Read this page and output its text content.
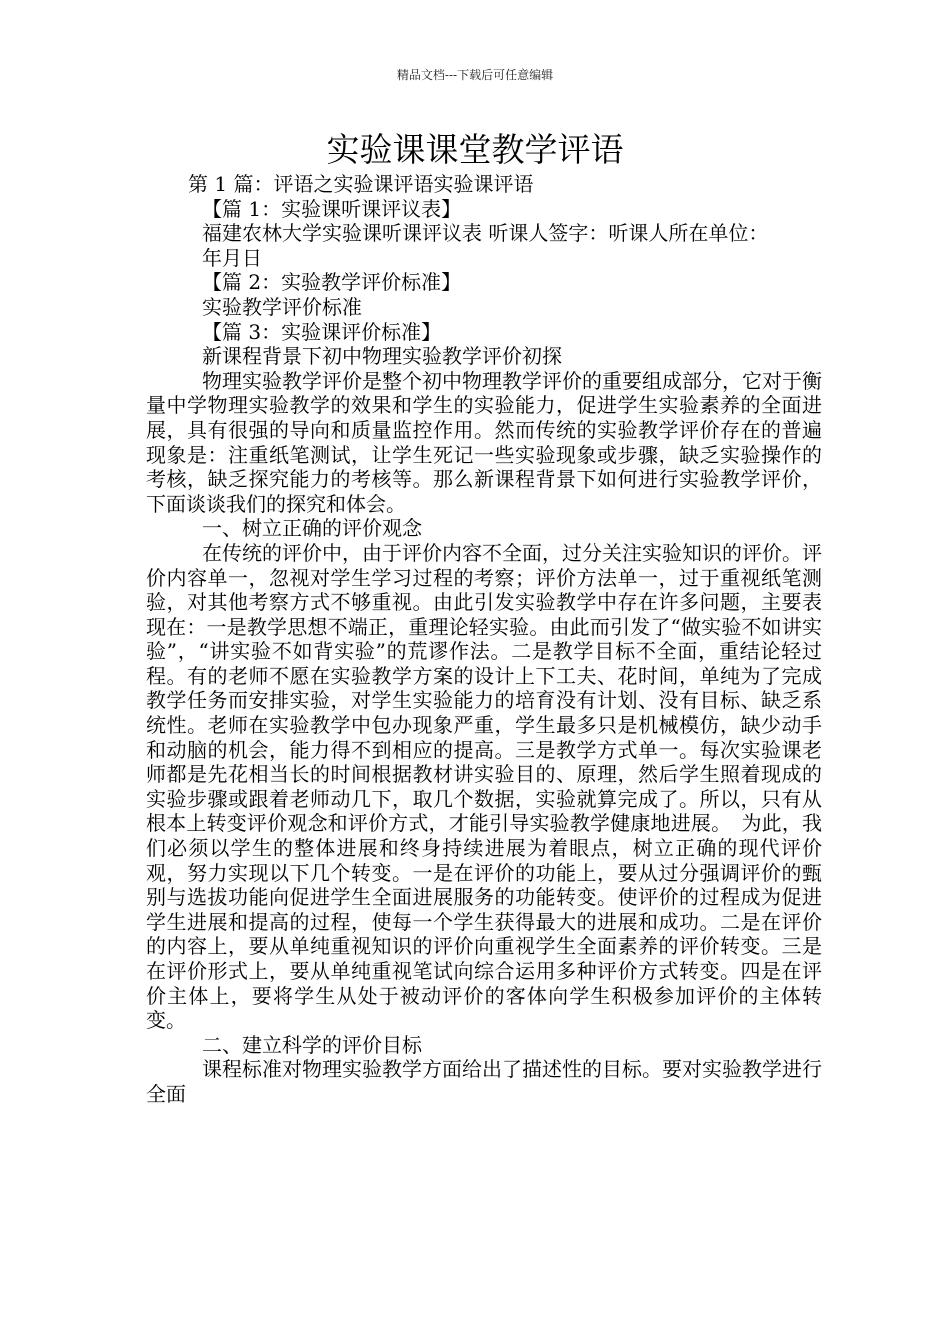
精品文档---下载后可任意编辑
实验课课堂教学评语

第 1 篇：评语之实验课评语实验课评语

【篇 1：实验课听课评议表】

福建农林大学实验课听课评议表 听课人签字：听课人所在单位：

年月日

【篇 2：实验教学评价标准】

实验教学评价标准

【篇 3：实验课评价标准】

新课程背景下初中物理实验教学评价初探

物理实验教学评价是整个初中物理教学评价的重要组成部分，它对于衡量中学物理实验教学的效果和学生的实验能力，促进学生实验素养的全面进展，具有很强的导向和质量监控作用。然而传统的实验教学评价存在的普遍现象是：注重纸笔测试，让学生死记一些实验现象或步骤，缺乏实验操作的考核，缺乏探究能力的考核等。那么新课程背景下如何进行实验教学评价，下面谈谈我们的探究和体会。

一、树立正确的评价观念

在传统的评价中，由于评价内容不全面，过分关注实验知识的评价。评价内容单一，忽视对学生学习过程的考察；评价方法单一，过于重视纸笔测验，对其他考察方式不够重视。由此引发实验教学中存在许多问题，主要表现在：一是教学思想不端正，重理论轻实验。由此而引发了“做实验不如讲实验”，“讲实验不如背实验”的荒谬作法。二是教学目标不全面，重结论轻过程。有的老师不愿在实验教学方案的设计上下工夫、花时间，单纯为了完成教学任务而安排实验，对学生实验能力的培育没有计划、没有目标、缺乏系统性。老师在实验教学中包办现象严重，学生最多只是机械模仿，缺少动手和动脑的机会，能力得不到相应的提高。三是教学方式单一。每次实验课老师都是先花相当长的时间根据教材讲实验目的、原理，然后学生照着现成的实验步骤或跟着老师动几下，取几个数据，实验就算完成了。所以，只有从根本上转变评价观念和评价方式，才能引导实验教学健康地进展。　为此，我们必须以学生的整体进展和终身持续进展为着眼点，树立正确的现代评价观，努力实现以下几个转变。一是在评价的功能上，要从过分强调评价的甄别与选拔功能向促进学生全面进展服务的功能转变。使评价的过程成为促进学生进展和提高的过程，使每一个学生获得最大的进展和成功。二是在评价的内容上，要从单纯重视知识的评价向重视学生全面素养的评价转变。三是在评价形式上，要从单纯重视笔试向综合运用多种评价方式转变。四是在评价主体上，要将学生从处于被动评价的客体向学生积极参加评价的主体转变。

二、建立科学的评价目标

课程标准对物理实验教学方面给出了描述性的目标。要对实验教学进行全面
